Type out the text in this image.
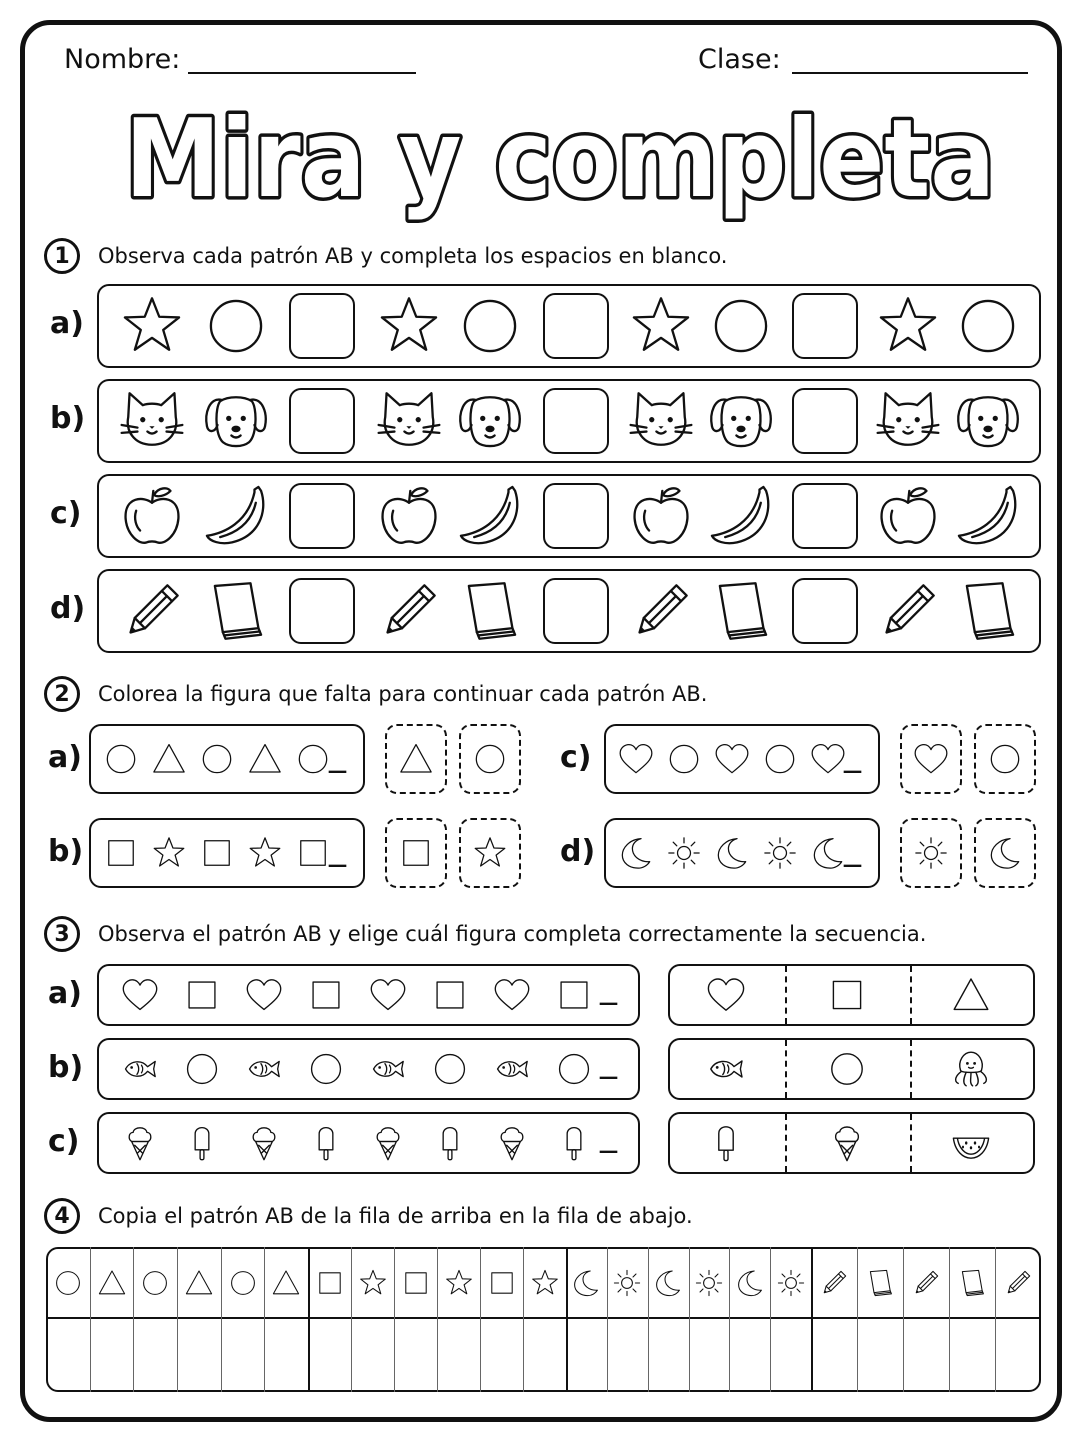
Nombre:	Clase:
Mira y completa
1	Observa cada patrón AB y completa los espacios en blanco.
2	Colorea la figura que falta para continuar cada patrón AB.
3	Observa el patrón AB y elige cuál figura completa correctamente la secuencia.
4	Copia el patrón AB de la fila de arriba en la fila de abajo.
a)
b)
c)
d)
a)	_
b)	_
c)	_
d)	_
a)	_
b)	_
c)	_
